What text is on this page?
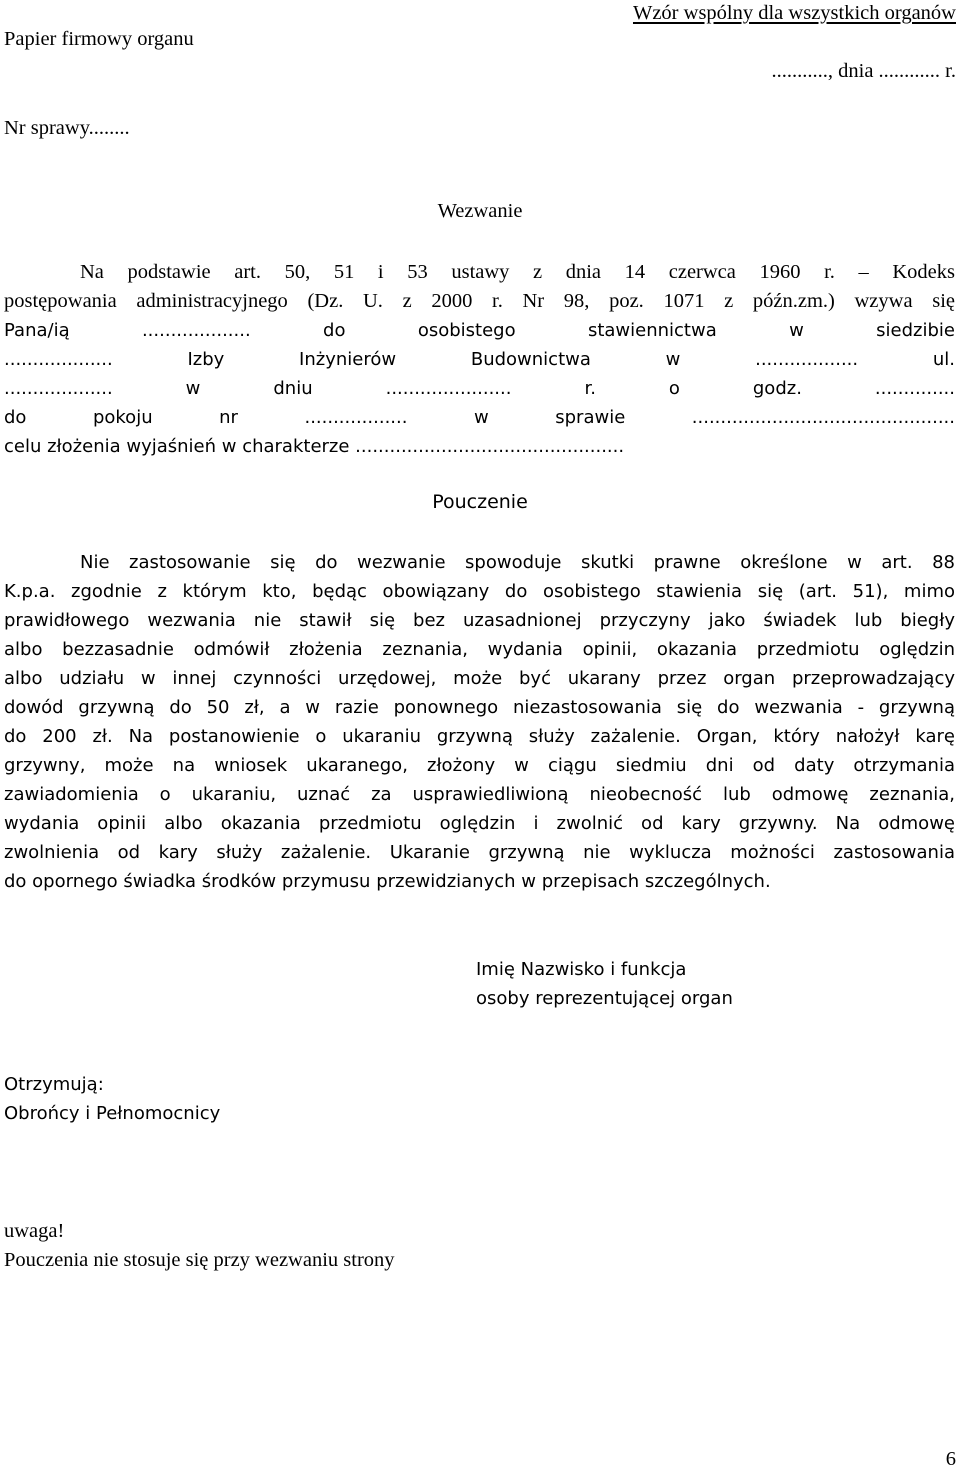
Papier firmowy organu
Wzór wspólny dla wszystkich organów
..........., dnia ............ r.
Nr sprawy........
Wezwanie
Na podstawie art. 50, 51 i 53 ustawy z dnia 14 czerwca 1960 r. – Kodeks
postępowania administracyjnego (Dz. U. z 2000 r. Nr 98, poz. 1071 z późn.zm.) wzywa się
Pana/ią ................... do osobistego stawiennictwa w siedzibie
................... Izby Inżynierów Budownictwa w .................. ul.
................... w dniu ...................... r. o godz. ..............
do pokoju nr .................. w sprawie ..............................................
celu złożenia wyjaśnień w charakterze ...............................................
Pouczenie
Nie zastosowanie się do wezwanie spowoduje skutki prawne określone w art. 88
K.p.a. zgodnie z którym kto, będąc obowiązany do osobistego stawienia się (art. 51), mimo
prawidłowego wezwania nie stawił się bez uzasadnionej przyczyny jako świadek lub biegły
albo bezzasadnie odmówił złożenia zeznania, wydania opinii, okazania przedmiotu oględzin
albo udziału w innej czynności urzędowej, może być ukarany przez organ przeprowadzający
dowód grzywną do 50 zł, a w razie ponownego niezastosowania się do wezwania - grzywną
do 200 zł. Na postanowienie o ukaraniu grzywną służy zażalenie. Organ, który nałożył karę
grzywny, może na wniosek ukaranego, złożony w ciągu siedmiu dni od daty otrzymania
zawiadomienia o ukaraniu, uznać za usprawiedliwioną nieobecność lub odmowę zeznania,
wydania opinii albo okazania przedmiotu oględzin i zwolnić od kary grzywny. Na odmowę
zwolnienia od kary służy zażalenie. Ukaranie grzywną nie wyklucza możności zastosowania
do opornego świadka środków przymusu przewidzianych w przepisach szczególnych.
Imię Nazwisko i funkcja
osoby reprezentującej organ
Otrzymują:
Obrońcy i Pełnomocnicy
uwaga!
Pouczenia nie stosuje się przy wezwaniu strony
6
